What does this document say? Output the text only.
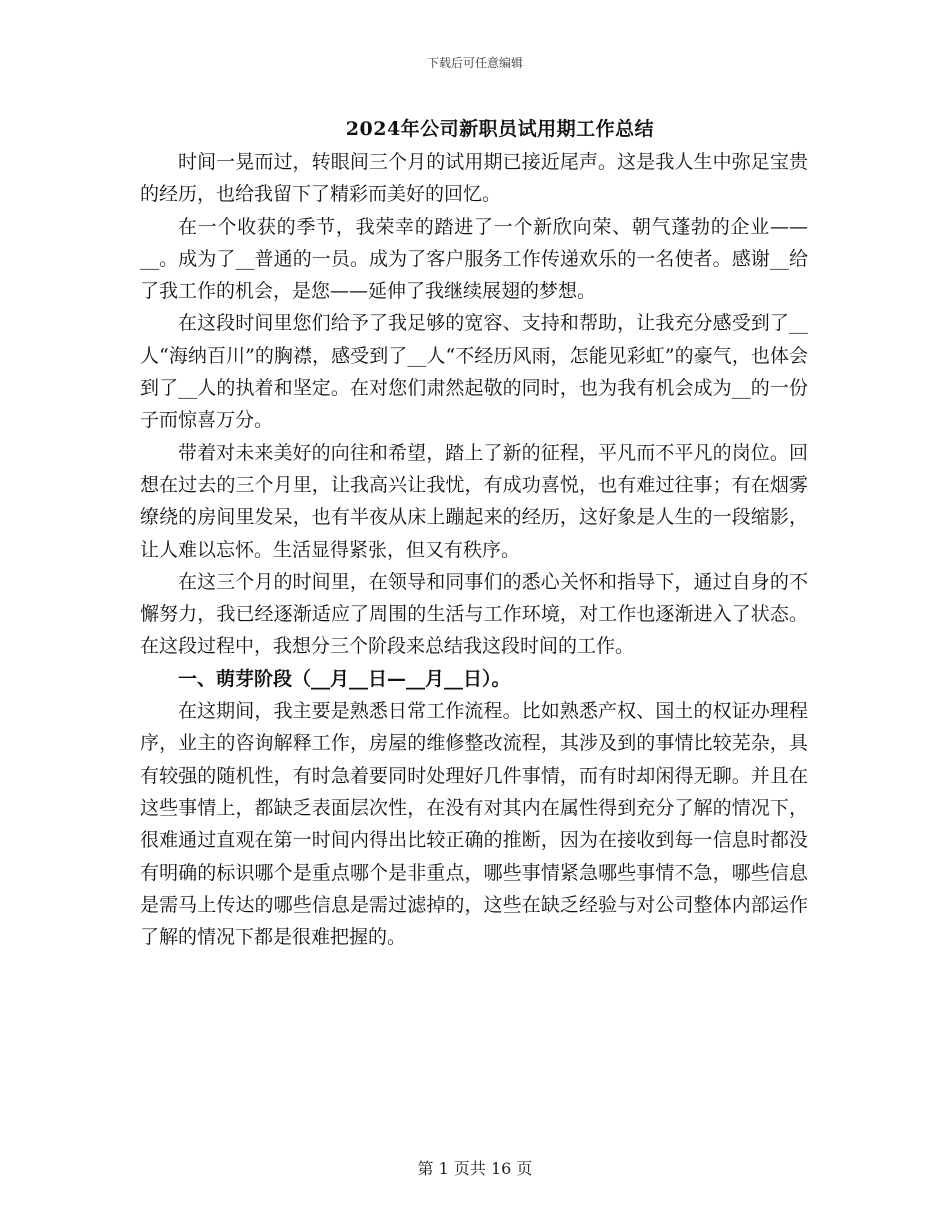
下载后可任意编辑
2024年公司新职员试用期工作总结

时间一晃而过，转眼间三个月的试用期已接近尾声。这是我人生中弥足宝贵的经历，也给我留下了精彩而美好的回忆。

在一个收获的季节，我荣幸的踏进了一个新欣向荣、朝气蓬勃的企业——__。成为了__普通的一员。成为了客户服务工作传递欢乐的一名使者。感谢__给了我工作的机会，是您——延伸了我继续展翅的梦想。

在这段时间里您们给予了我足够的宽容、支持和帮助，让我充分感受到了__人“海纳百川”的胸襟，感受到了__人“不经历风雨，怎能见彩虹”的豪气，也体会到了__人的执着和坚定。在对您们肃然起敬的同时，也为我有机会成为__的一份子而惊喜万分。

带着对未来美好的向往和希望，踏上了新的征程，平凡而不平凡的岗位。回想在过去的三个月里，让我高兴让我忧，有成功喜悦，也有难过往事；有在烟雾缭绕的房间里发呆，也有半夜从床上蹦起来的经历，这好象是人生的一段缩影，让人难以忘怀。生活显得紧张，但又有秩序。

在这三个月的时间里，在领导和同事们的悉心关怀和指导下，通过自身的不懈努力，我已经逐渐适应了周围的生活与工作环境，对工作也逐渐进入了状态。在这段过程中，我想分三个阶段来总结我这段时间的工作。

一、萌芽阶段（__月__日—__月__日）。

在这期间，我主要是熟悉日常工作流程。比如熟悉产权、国土的权证办理程序，业主的咨询解释工作，房屋的维修整改流程，其涉及到的事情比较芜杂，具有较强的随机性，有时急着要同时处理好几件事情，而有时却闲得无聊。并且在这些事情上，都缺乏表面层次性，在没有对其内在属性得到充分了解的情况下，很难通过直观在第一时间内得出比较正确的推断，因为在接收到每一信息时都没有明确的标识哪个是重点哪个是非重点，哪些事情紧急哪些事情不急，哪些信息是需马上传达的哪些信息是需过滤掉的，这些在缺乏经验与对公司整体内部运作了解的情况下都是很难把握的。

第 1 页共 16 页
